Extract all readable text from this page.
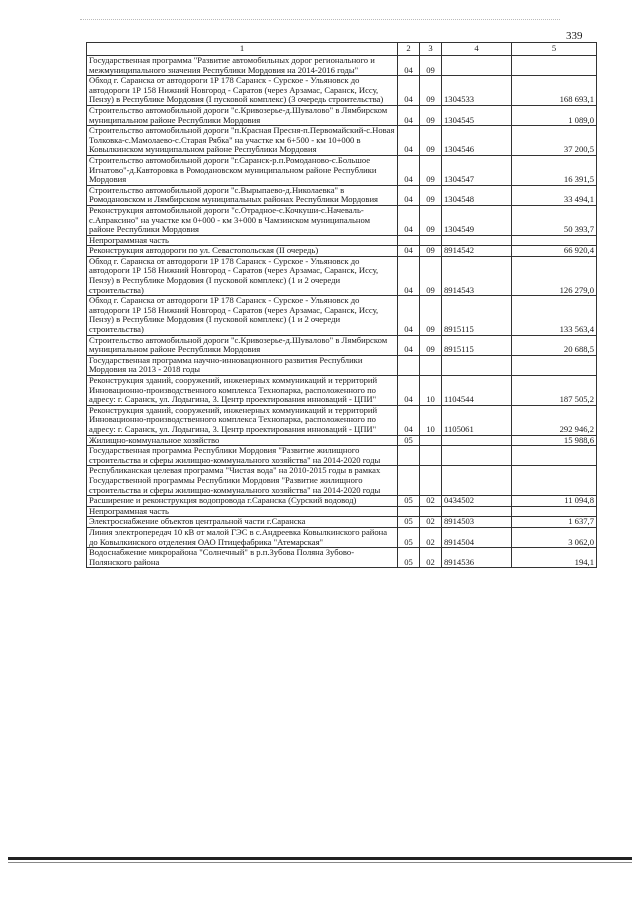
339
1	2	3	4	5
Государственная программа "Развитие автомобильных дорог регионального и межмуниципального значения Республики Мордовия на 2014-2016 годы"	04	09		
Обход г. Саранска от автодороги 1Р 178 Саранск - Сурское - Ульяновск до автодороги 1Р 158 Нижний Новгород - Саратов (через Арзамас, Саранск, Иссу, Пензу) в Республике Мордовия (I пусковой комплекс) (3 очередь строительства)	04	09	1304533	168 693,1
Строительство автомобильной дороги "с.Кривозерье-д.Шувалово" в Лямбирском муниципальном районе Республики Мордовия	04	09	1304545	1 089,0
Строительство автомобильной дороги "п.Красная Пресня-п.Первомайский-с.Новая Толковка-с.Мамолаево-с.Старая Рябка" на участке км 6+500 - км 10+000 в Ковылкинском муниципальном районе Республики Мордовия	04	09	1304546	37 200,5
Строительство автомобильной дороги "г.Саранск-р.п.Ромоданово-с.Большое Игнатово"-д.Кавторовка в Ромодановском муниципальном районе Республики Мордовия	04	09	1304547	16 391,5
Строительство автомобильной дороги "с.Вырыпаево-д.Николаевка" в Ромодановском и Лямбирском муниципальных районах Республики Мордовия	04	09	1304548	33 494,1
Реконструкция автомобильной дороги "с.Отрадное-с.Кочкуши-с.Начеваль-с.Апраксино" на участке км 0+000 - км 3+000 в Чамзинском муниципальном районе Республики Мордовия	04	09	1304549	50 393,7
Непрограммная часть				
Реконструкция автодороги по ул. Севастопольская (II очередь)	04	09	8914542	66 920,4
Обход г. Саранска от автодороги 1Р 178 Саранск - Сурское - Ульяновск до автодороги 1Р 158 Нижний Новгород - Саратов (через Арзамас, Саранск, Иссу, Пензу) в Республике Мордовия (I пусковой комплекс) (1 и 2 очереди строительства)	04	09	8914543	126 279,0
Обход г. Саранска от автодороги 1Р 178 Саранск - Сурское - Ульяновск до автодороги 1Р 158 Нижний Новгород - Саратов (через Арзамас, Саранск, Иссу, Пензу) в Республике Мордовия (I пусковой комплекс) (1 и 2 очереди строительства)	04	09	8915115	133 563,4
Строительство автомобильной дороги "с.Кривозерье-д.Шувалово" в Лямбирском муниципальном районе Республики Мордовия	04	09	8915115	20 688,5
Государственная программа научно-инновационного развития Республики Мордовия на 2013 - 2018 годы				
Реконструкция зданий, сооружений, инженерных коммуникаций и территорий Инновационно-производственного комплекса Технопарка, расположенного по адресу: г. Саранск, ул. Лодыгина, 3. Центр проектирования инноваций - ЦПИ"	04	10	1104544	187 505,2
Реконструкция зданий, сооружений, инженерных коммуникаций и территорий Инновационно-производственного комплекса Технопарка, расположенного по адресу: г. Саранск, ул. Лодыгина, 3. Центр проектирования инноваций - ЦПИ"	04	10	1105061	292 946,2
Жилищно-коммунальное хозяйство	05			15 988,6
Государственная программа Республики Мордовия "Развитие жилищного строительства и сферы жилищно-коммунального хозяйства" на 2014-2020 годы				
Республиканская целевая программа "Чистая вода" на 2010-2015 годы в рамках Государственной программы Республики Мордовия "Развитие жилищного строительства и сферы жилищно-коммунального хозяйства" на 2014-2020 годы				
Расширение и реконструкция водопровода г.Саранска (Сурский водовод)	05	02	0434502	11 094,8
Непрограммная часть				
Электроснабжение объектов центральной части г.Саранска	05	02	8914503	1 637,7
Линия электропередач 10 кВ от малой ГЭС в с.Андреевка Ковылкинского района до Ковылкинского отделения ОАО Птицефабрика "Атемарская"	05	02	8914504	3 062,0
Водоснабжение микрорайона "Солнечный" в р.п.Зубова Поляна Зубово-Полянского района	05	02	8914536	194,1
